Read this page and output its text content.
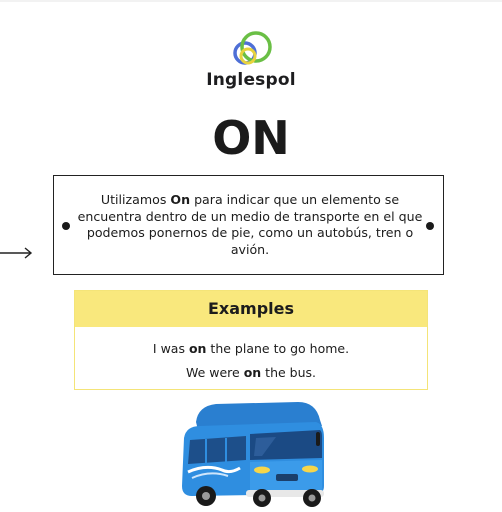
Inglespol
ON
Utilizamos On para indicar que un elemento se encuentra dentro de un medio de transporte en el que podemos ponernos de pie, como un autobús, tren o avión.
Examples
I was on the plane to go home.
We were on the bus.
